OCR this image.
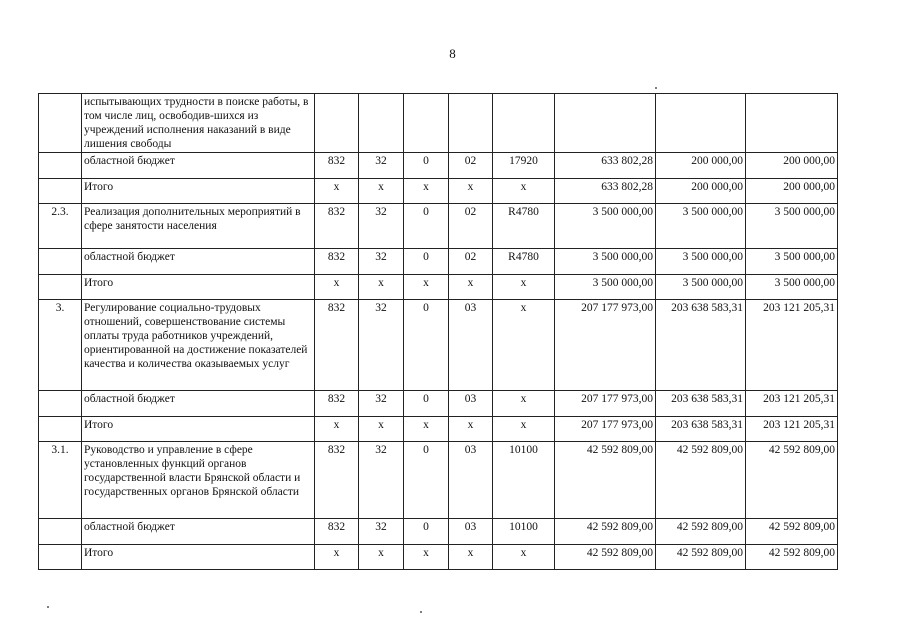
8
	испытывающих трудности в поиске работы, в том числе лиц, освободив-шихся из учреждений исполнения наказаний в виде лишения свободы								
	областной бюджет	832	32	0	02	17920	633 802,28	200 000,00	200 000,00
	Итого	х	х	х	х	х	633 802,28	200 000,00	200 000,00
2.3.	Реализация дополнительных мероприятий в сфере занятости населения	832	32	0	02	R4780	3 500 000,00	3 500 000,00	3 500 000,00
	областной бюджет	832	32	0	02	R4780	3 500 000,00	3 500 000,00	3 500 000,00
	Итого	х	х	х	х	х	3 500 000,00	3 500 000,00	3 500 000,00
3.	Регулирование социально-трудовых отношений, совершенствование системы оплаты труда работников учреждений, ориентированной на достижение показателей качества и количества оказываемых услуг	832	32	0	03	х	207 177 973,00	203 638 583,31	203 121 205,31
	областной бюджет	832	32	0	03	х	207 177 973,00	203 638 583,31	203 121 205,31
	Итого	х	х	х	х	х	207 177 973,00	203 638 583,31	203 121 205,31
3.1.	Руководство и управление в сфере установленных функций органов государственной власти Брянской области и государственных органов Брянской области	832	32	0	03	10100	42 592 809,00	42 592 809,00	42 592 809,00
	областной бюджет	832	32	0	03	10100	42 592 809,00	42 592 809,00	42 592 809,00
	Итого	х	х	х	х	х	42 592 809,00	42 592 809,00	42 592 809,00
